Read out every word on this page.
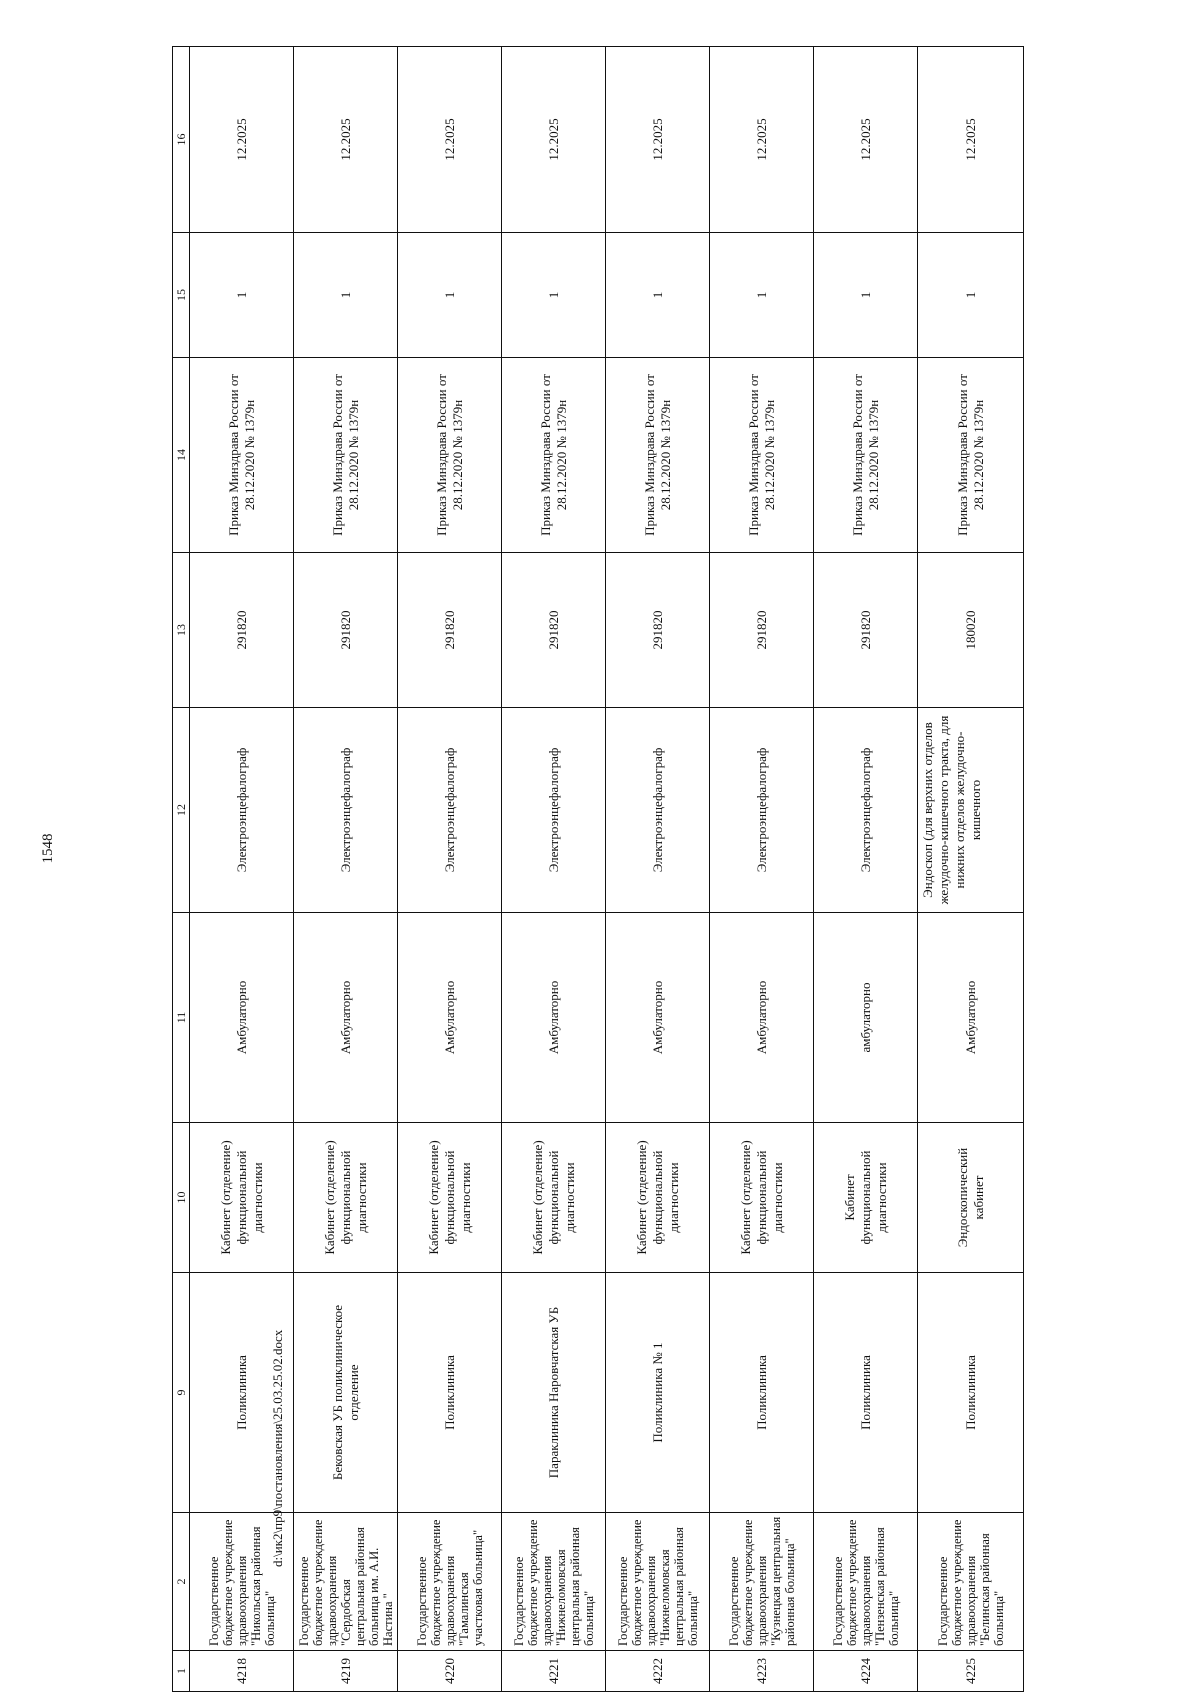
1548
1	2	9	10	11	12	13	14	15	16
4218	Государственное бюджетное учреждение здравоохранения "Никольская районная больница"	Поликлиника	Кабинет (отделение) функциональной диагностики	Амбулаторно	Электроэнцефалограф	291820	Приказ Минздрава России от 28.12.2020 № 1379н	1	12.2025
4219	Государственное бюджетное учреждение здравоохранения "Сердобская центральная районная больница им. А.И. Настина "	Бековская УБ поликлиническое отделение	Кабинет (отделение) функциональной диагностики	Амбулаторно	Электроэнцефалограф	291820	Приказ Минздрава России от 28.12.2020 № 1379н	1	12.2025
4220	Государственное бюджетное учреждение здравоохранения "Тамалинская участковая больница"	Поликлиника	Кабинет (отделение) функциональной диагностики	Амбулаторно	Электроэнцефалограф	291820	Приказ Минздрава России от 28.12.2020 № 1379н	1	12.2025
4221	Государственное бюджетное учреждение здравоохранения "Нижнеломовская центральная районная больница"	Параклиника Наровчатская УБ	Кабинет (отделение) функциональной диагностики	Амбулаторно	Электроэнцефалограф	291820	Приказ Минздрава России от 28.12.2020 № 1379н	1	12.2025
4222	Государственное бюджетное учреждение здравоохранения "Нижнеломовская центральная районная больница"	Поликлиника № 1	Кабинет (отделение) функциональной диагностики	Амбулаторно	Электроэнцефалограф	291820	Приказ Минздрава России от 28.12.2020 № 1379н	1	12.2025
4223	Государственное бюджетное учреждение здравоохранения "Кузнецкая центральная районная больница"	Поликлиника	Кабинет (отделение) функциональной диагностики	Амбулаторно	Электроэнцефалограф	291820	Приказ Минздрава России от 28.12.2020 № 1379н	1	12.2025
4224	Государственное бюджетное учреждение здравоохранения "Пензенская районная больница"	Поликлиника	Кабинет функциональной диагностики	амбулаторно	Электроэнцефалограф	291820	Приказ Минздрава России от 28.12.2020 № 1379н	1	12.2025
4225	Государственное бюджетное учреждение здравоохранения "Белинская районная больница"	Поликлиника	Эндоскопический кабинет	Амбулаторно	Эндоскоп (для верхних отделов желудочно-кишечного тракта, для нижних отделов желудочно-кишечного	180020	Приказ Минздрава России от 28.12.2020 № 1379н	1	12.2025
d:\ик2\пр9\постановления\25.03.25.02.docx
